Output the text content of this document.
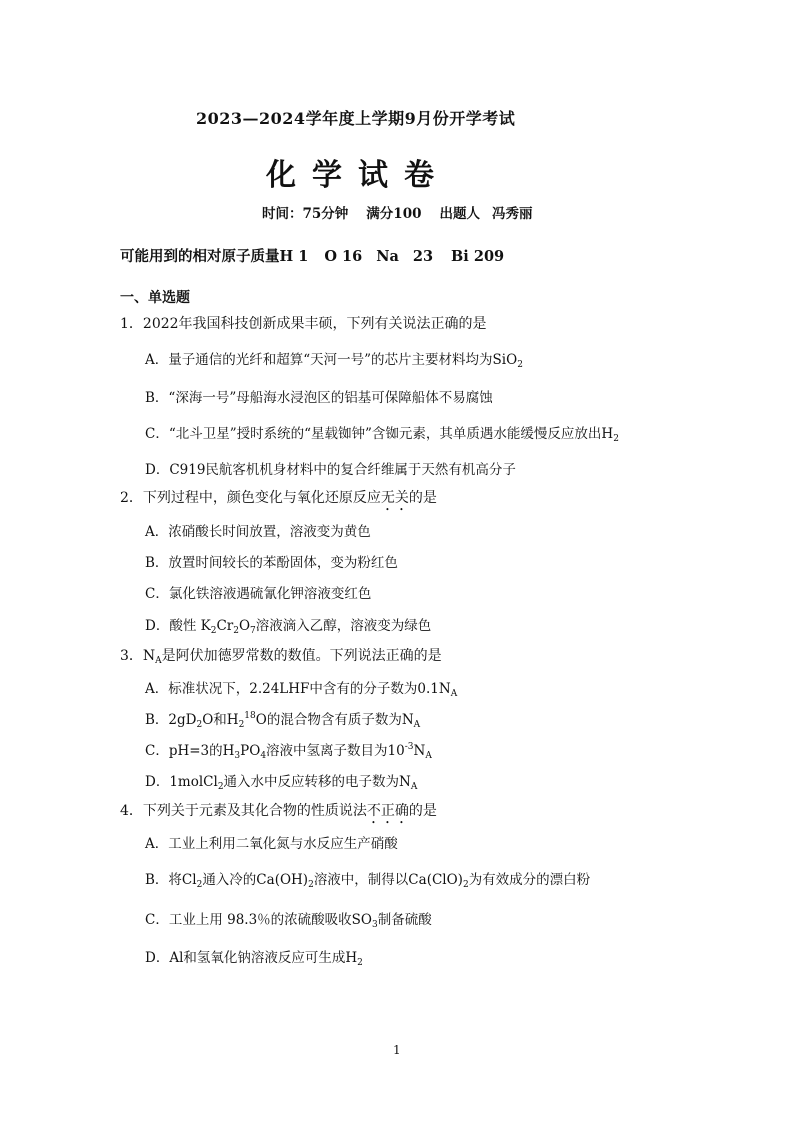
2023—2024学年度上学期9月份开学考试
化学试卷
时间：75分钟 满分100 出题人 冯秀丽
可能用到的相对原子质量H 1 O 16 Na 23 Bi 209
一、单选题
1．2022年我国科技创新成果丰硕，下列有关说法正确的是
A．量子通信的光纤和超算“天河一号”的芯片主要材料均为SiO$_2$
B．“深海一号”母船海水浸泡区的铝基可保障船体不易腐蚀
C．“北斗卫星”授时系统的“星载铷钟”含铷元素，其单质遇水能缓慢反应放出$H_2$
D．C919民航客机机身材料中的复合纤维属于天然有机高分子
2．下列过程中，颜色变化与氧化还原反应无关的是
A．浓硝酸长时间放置，溶液变为黄色
B．放置时间较长的苯酚固体，变为粉红色
C．氯化铁溶液遇硫氰化钾溶液变红色
D．酸性 $K_2Cr_2O_7$溶液滴入乙醇，溶液变为绿色
3．$N_A$是阿伏加德罗常数的数值。下列说法正确的是
A．标准状况下，2.24LHF中含有的分子数为$0.1N_A$
B．$2gD_2O$和$H_2^{18}O$的混合物含有质子数为$N_A$
C．pH=3的$H_3PO_4$溶液中氢离子数目为$10^{-3}N_A$
D．1molCl$_2$通入水中反应转移的电子数为$N_A$
4．下列关于元素及其化合物的性质说法不正确的是
A．工业上利用二氧化氮与水反应生产硝酸
B．将$Cl_2$通入冷的$Ca(OH)_2$溶液中，制得以$Ca(ClO)_2$为有效成分的漂白粉
C．工业上用 98.3％的浓硫酸吸收$SO_3$制备硫酸
D．Al和氢氧化钠溶液反应可生成$H_2$
1
